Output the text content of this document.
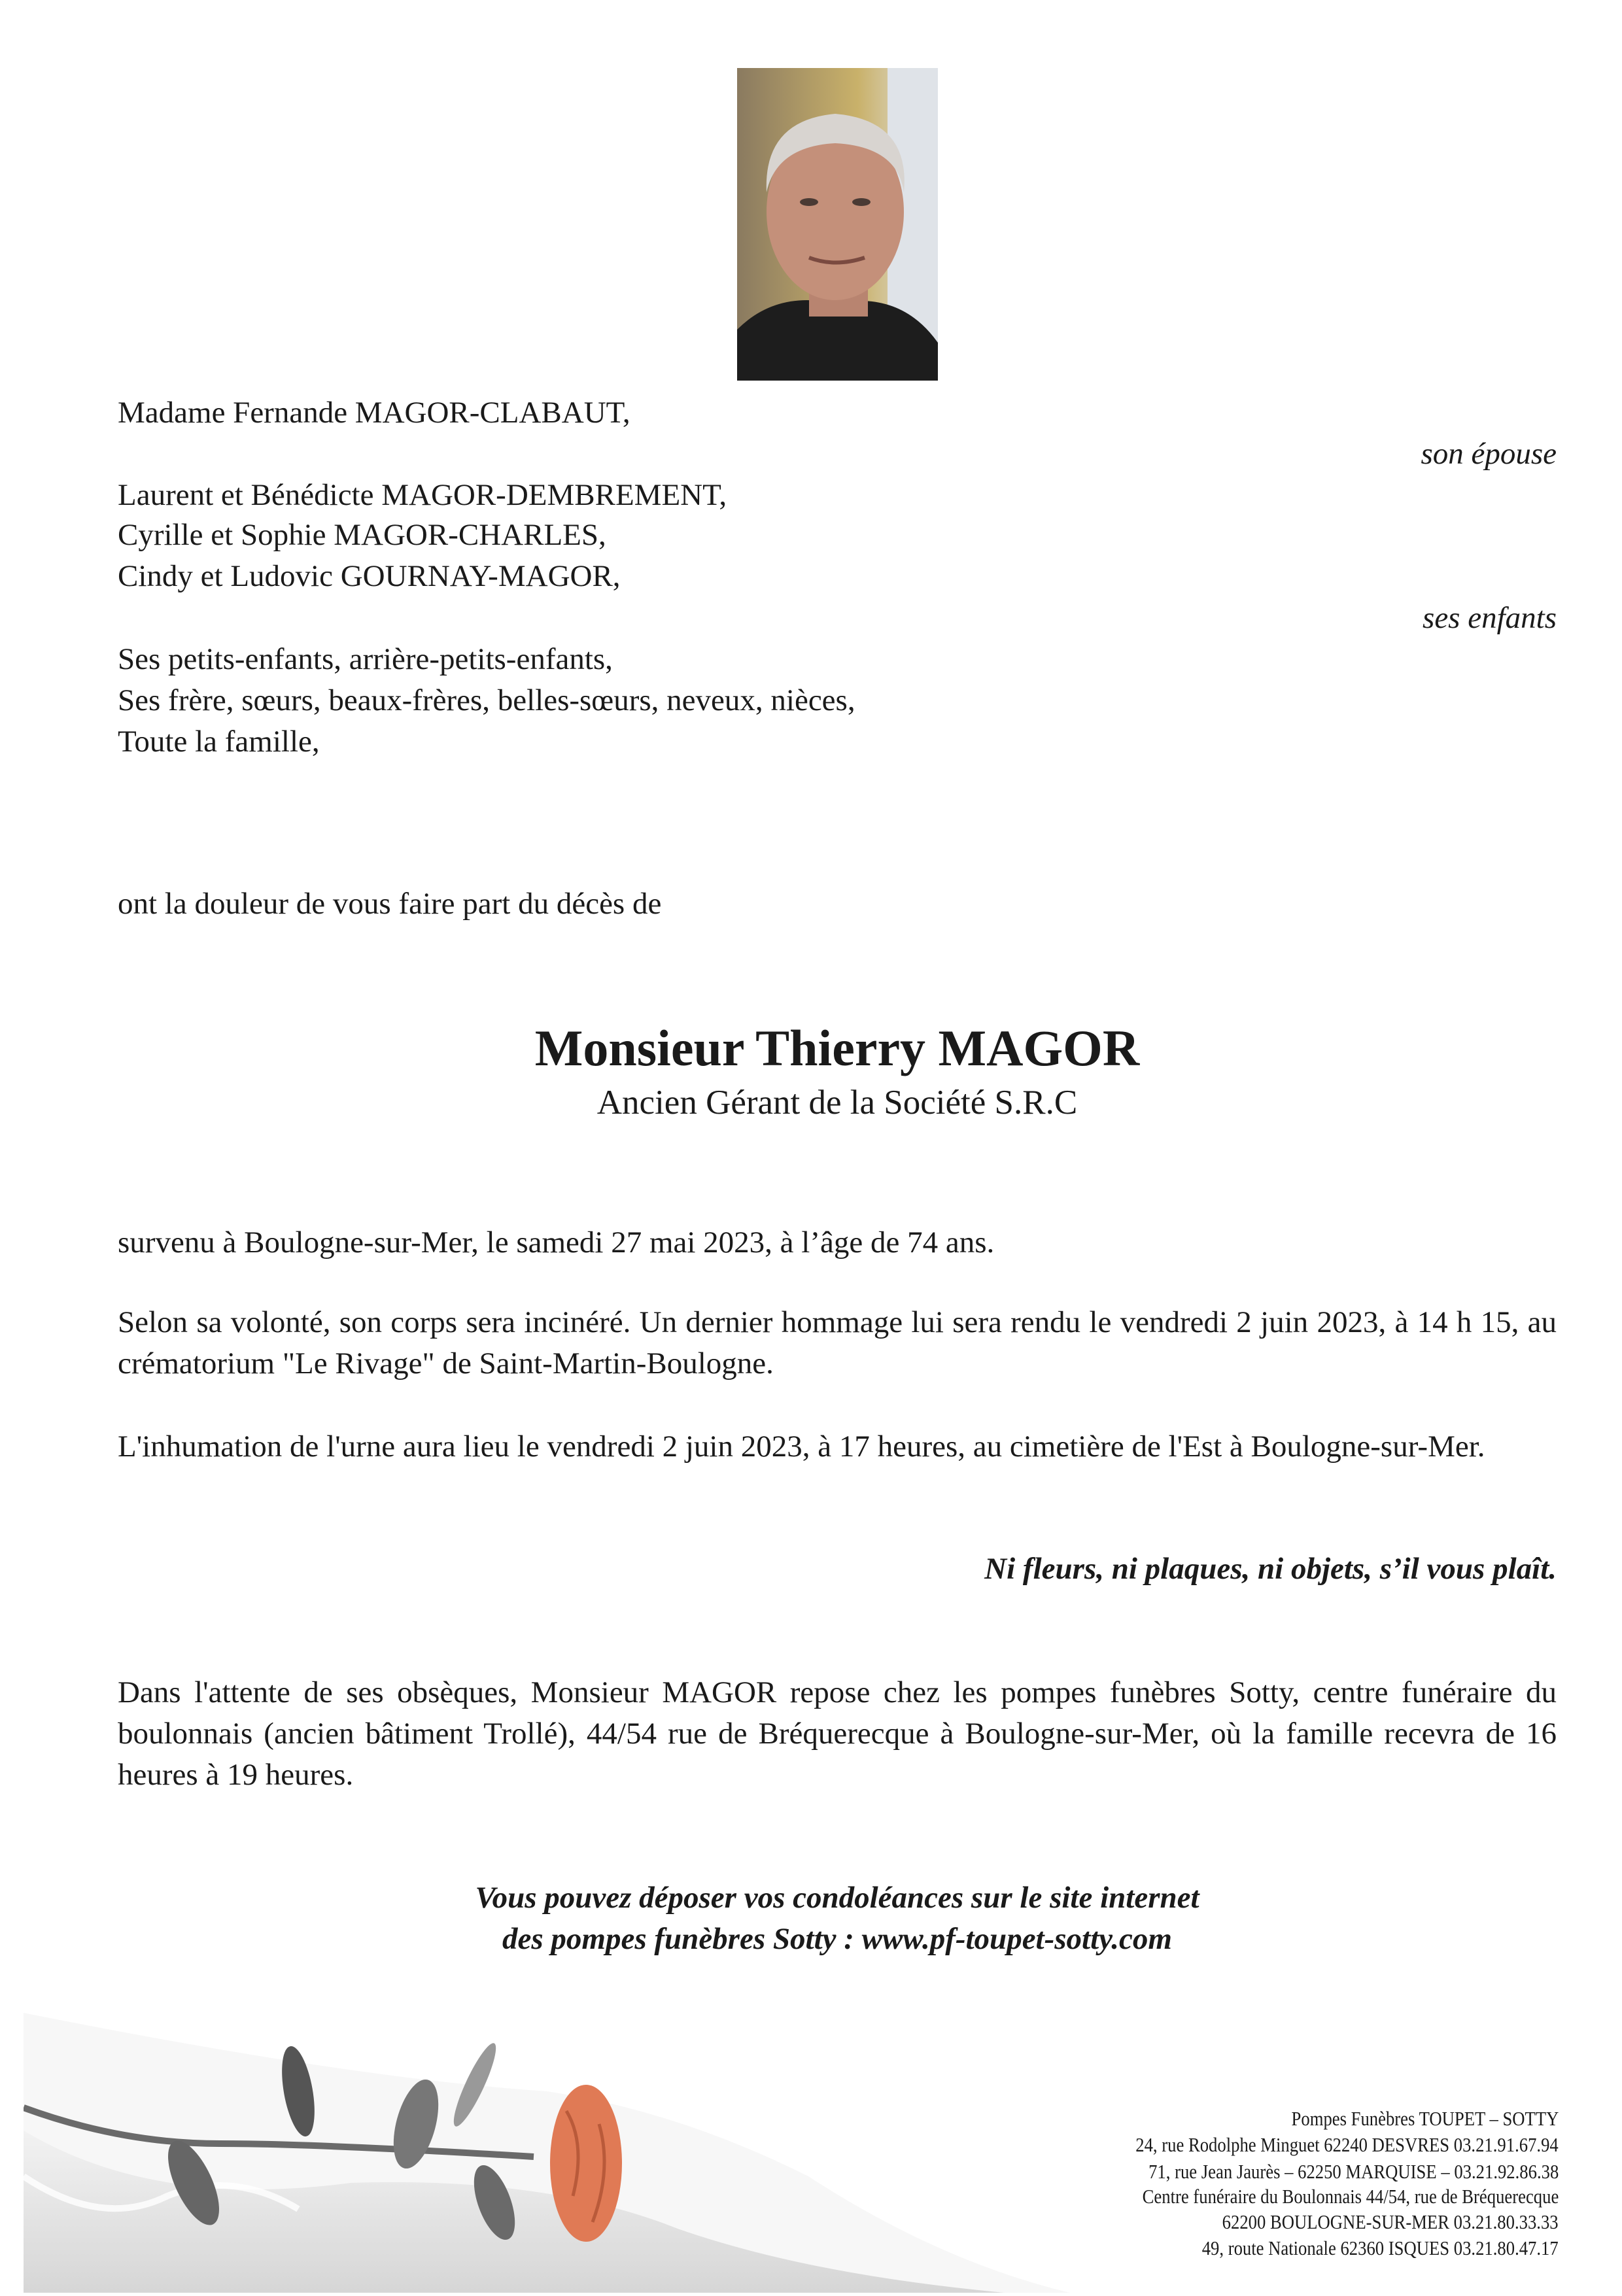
Madame Fernande MAGOR-CLABAUT,
son épouse
Laurent et Bénédicte MAGOR-DEMBREMENT,
Cyrille et Sophie MAGOR-CHARLES,
Cindy et Ludovic GOURNAY-MAGOR,
ses enfants
Ses petits-enfants, arrière-petits-enfants,
Ses frère, sœurs, beaux-frères, belles-sœurs, neveux, nièces,
Toute la famille,
ont la douleur de vous faire part du décès de
Monsieur Thierry MAGOR
Ancien Gérant de la Société S.R.C
survenu à Boulogne-sur-Mer, le samedi 27 mai 2023, à l’âge de 74 ans.
Selon sa volonté, son corps sera incinéré. Un dernier hommage lui sera rendu le vendredi 2 juin 2023, à 14 h 15, au crématorium "Le Rivage" de Saint-Martin-Boulogne.
L'inhumation de l'urne aura lieu le vendredi 2 juin 2023, à 17 heures, au cimetière de l'Est à Boulogne-sur-Mer.
Ni fleurs, ni plaques, ni objets, s’il vous plaît.
Dans l'attente de ses obsèques, Monsieur MAGOR repose chez les pompes funèbres Sotty, centre funéraire du boulonnais (ancien bâtiment Trollé), 44/54 rue de Bréquerecque à Boulogne-sur-Mer, où la famille recevra de 16 heures à 19 heures.
Vous pouvez déposer vos condoléances sur le site internet
des pompes funèbres Sotty : www.pf-toupet-sotty.com
Pompes Funèbres TOUPET – SOTTY
24, rue Rodolphe Minguet 62240 DESVRES 03.21.91.67.94
71, rue Jean Jaurès – 62250 MARQUISE – 03.21.92.86.38
Centre funéraire du Boulonnais 44/54, rue de Bréquerecque
62200 BOULOGNE-SUR-MER 03.21.80.33.33
49, route Nationale 62360 ISQUES 03.21.80.47.17
